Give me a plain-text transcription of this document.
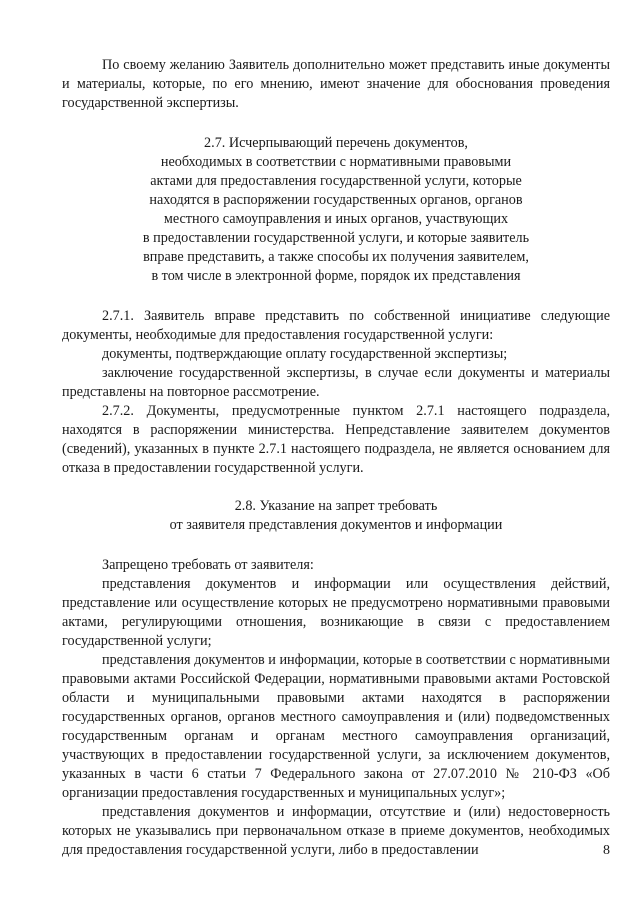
По своему желанию Заявитель дополнительно может представить иные документы и материалы, которые, по его мнению, имеют значение для обоснования проведения государственной экспертизы.

2.7. Исчерпывающий перечень документов,
необходимых в соответствии с нормативными правовыми
актами для предоставления государственной услуги, которые
находятся в распоряжении государственных органов, органов
местного самоуправления и иных органов, участвующих
в предоставлении государственной услуги, и которые заявитель
вправе представить, а также способы их получения заявителем,
в том числе в электронной форме, порядок их представления

2.7.1. Заявитель вправе представить по собственной инициативе следующие документы, необходимые для предоставления государственной услуги:

документы, подтверждающие оплату государственной экспертизы;

заключение государственной экспертизы, в случае если документы и материалы представлены на повторное рассмотрение.

2.7.2. Документы, предусмотренные пунктом 2.7.1 настоящего подраздела, находятся в распоряжении министерства. Непредставление заявителем документов (сведений), указанных в пункте 2.7.1 настоящего подраздела, не является основанием для отказа в предоставлении государственной услуги.

2.8. Указание на запрет требовать
от заявителя представления документов и информации

Запрещено требовать от заявителя:

представления документов и информации или осуществления действий, представление или осуществление которых не предусмотрено нормативными правовыми актами, регулирующими отношения, возникающие в связи с предоставлением государственной услуги;

представления документов и информации, которые в соответствии с нормативными правовыми актами Российской Федерации, нормативными правовыми актами Ростовской области и муниципальными правовыми актами находятся в распоряжении государственных органов, органов местного самоуправления и (или) подведомственных государственным органам и органам местного самоуправления организаций, участвующих в предоставлении государственной услуги, за исключением документов, указанных в части 6 статьи 7 Федерального закона от 27.07.2010 № 210-ФЗ «Об организации предоставления государственных и муниципальных услуг»;

представления документов и информации, отсутствие и (или) недостоверность которых не указывались при первоначальном отказе в приеме документов, необходимых для предоставления государственной услуги, либо в предоставлении	8
